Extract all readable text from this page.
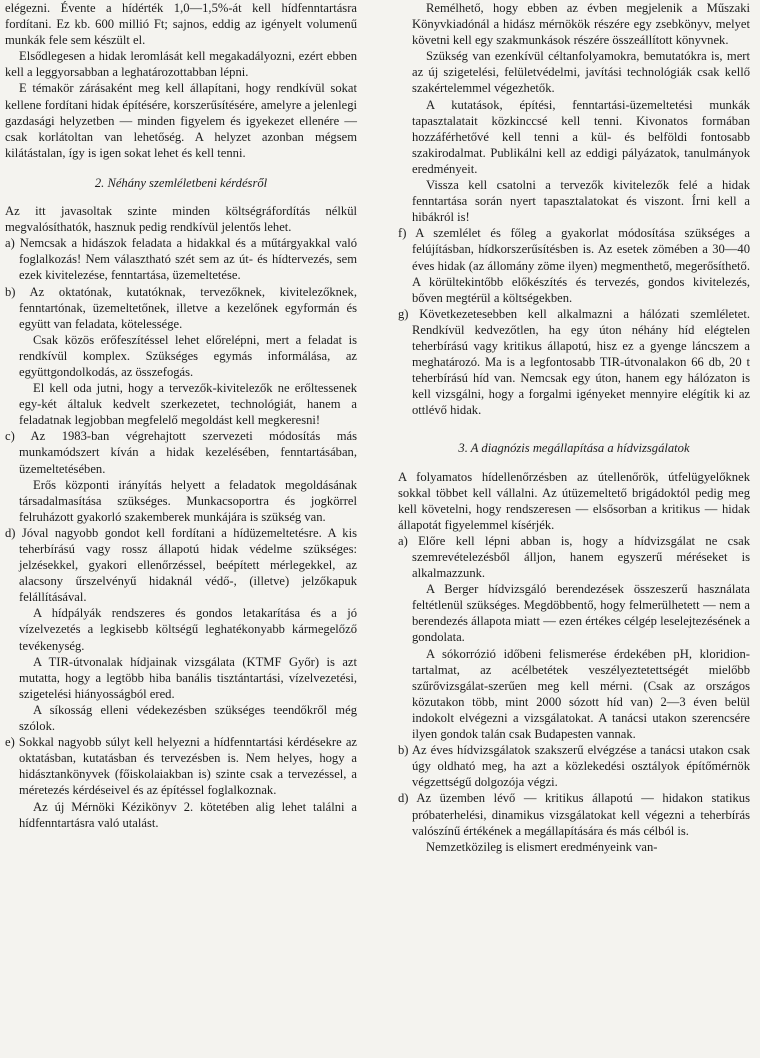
elégezni. Évente a hídérték 1,0—1,5%-át kell hídfenntartásra fordítani. Ez kb. 600 millió Ft; sajnos, eddig az igényelt volumenű munkák fele sem készült el.

Elsődlegesen a hidak leromlását kell megakadályozni, ezért ebben kell a leggyorsabban a leghatározottabban lépni.

E témakör zárásaként meg kell állapítani, hogy rendkívül sokat kellene fordítani hidak építésére, korszerűsítésére, amelyre a jelenlegi gazdasági helyzetben — minden figyelem és igyekezet ellenére — csak korlátoltan van lehetőség. A helyzet azonban mégsem kilátástalan, így is igen sokat lehet és kell tenni.

2. Néhány szemléletbeni kérdésről

Az itt javasoltak szinte minden költségráfordítás nélkül megvalósíthatók, hasznuk pedig rendkívül jelentős lehet.

a) Nemcsak a hidászok feladata a hidakkal és a műtárgyakkal való foglalkozás! Nem választható szét sem az út- és hídtervezés, sem ezek kivitelezése, fenntartása, üzemeltetése.

b) Az oktatónak, kutatóknak, tervezőknek, kivitelezőknek, fenntartónak, üzemeltetőnek, illetve a kezelőnek egyformán és együtt van feladata, kötelessége.

Csak közös erőfeszítéssel lehet előrelépni, mert a feladat is rendkívül komplex. Szükséges egymás informálása, az együttgondolkodás, az összefogás.

El kell oda jutni, hogy a tervezők-kivitelezők ne erőltessenek egy-két általuk kedvelt szerkezetet, technológiát, hanem a feladatnak legjobban megfelelő megoldást kell megkeresni!

c) Az 1983-ban végrehajtott szervezeti módosítás más munkamódszert kíván a hidak kezelésében, fenntartásában, üzemeltetésében.

Erős központi irányítás helyett a feladatok megoldásának társadalmasítása szükséges. Munkacsoportra és jogkörrel felruházott gyakorló szakemberek munkájára is szükség van.

d) Jóval nagyobb gondot kell fordítani a hídüzemeltetésre. A kis teherbírású vagy rossz állapotú hidak védelme szükséges: jelzésekkel, gyakori ellenőrzéssel, beépített mérlegekkel, az alacsony űrszelvényű hidaknál védő-, (illetve) jelzőkapuk felállításával.

A hídpályák rendszeres és gondos letakarítása és a jó vízelvezetés a legkisebb költségű leghatékonyabb kármegelőző tevékenység.

A TIR-útvonalak hídjainak vizsgálata (KTMF Győr) is azt mutatta, hogy a legtöbb hiba banális tisztántartási, vízelvezetési, szigetelési hiányosságból ered.

A síkosság elleni védekezésben szükséges teendőkről még szólok.

e) Sokkal nagyobb súlyt kell helyezni a hídfenntartási kérdésekre az oktatásban, kutatásban és tervezésben is. Nem helyes, hogy a hidásztankönyvek (főiskolaiakban is) szinte csak a tervezéssel, a méretezés kérdéseivel és az építéssel foglalkoznak.

Az új Mérnöki Kézikönyv 2. kötetében alig lehet találni a hídfenntartásra való utalást.

Remélhető, hogy ebben az évben megjelenik a Műszaki Könyvkiadónál a hidász mérnökök részére egy zsebkönyv, melyet követni kell egy szakmunkások részére összeállított könyvnek.

Szükség van ezenkívül céltanfolyamokra, bemutatókra is, mert az új szigetelési, felületvédelmi, javítási technológiák csak kellő szakértelemmel végezhetők.

A kutatások, építési, fenntartási-üzemeltetési munkák tapasztalatait közkinccsé kell tenni. Kivonatos formában hozzáférhetővé kell tenni a kül- és belföldi fontosabb szakirodalmat. Publikálni kell az eddigi pályázatok, tanulmányok eredményeit.

Vissza kell csatolni a tervezők kivitelezők felé a hidak fenntartása során nyert tapasztalatokat és viszont. Írni kell a hibákról is!

f) A szemlélet és főleg a gyakorlat módosítása szükséges a felújításban, hídkorszerűsítésben is. Az esetek zömében a 30—40 éves hidak (az állomány zöme ilyen) megmenthető, megerősíthető. A körültekintőbb előkészítés és tervezés, gondos kivitelezés, bőven megtérül a költségekben.

g) Következetesebben kell alkalmazni a hálózati szemléletet. Rendkívül kedvezőtlen, ha egy úton néhány híd elégtelen teherbírású vagy kritikus állapotú, hisz ez a gyenge láncszem a meghatározó. Ma is a legfontosabb TIR-útvonalakon 66 db, 20 t teherbírású híd van. Nemcsak egy úton, hanem egy hálózaton is kell vizsgálni, hogy a forgalmi igényeket mennyire elégítik ki az ottlévő hidak.

3. A diagnózis megállapítása a hídvizsgálatok

A folyamatos hídellenőrzésben az útellenőrök, útfelügyelőknek sokkal többet kell vállalni. Az útüzemeltető brigádoktól pedig meg kell követelni, hogy rendszeresen — elsősorban a kritikus — hidak állapotát figyelemmel kísérjék.

a) Előre kell lépni abban is, hogy a hídvizsgálat ne csak szemrevételezésből álljon, hanem egyszerű méréseket is alkalmazzunk.

A Berger hídvizsgáló berendezések összeszerű használata feltétlenül szükséges. Megdöbbentő, hogy felmerülhetett — nem a berendezés állapota miatt — ezen értékes célgép leselejtezésének a gondolata.

A sókorrózió időbeni felismerése érdekében pH, kloridion-tartalmat, az acélbetétek veszélyeztetettségét mielőbb szűrővizsgálat-szerűen meg kell mérni. (Csak az országos közutakon több, mint 2000 sózott híd van) 2—3 éven belül indokolt elvégezni a vizsgálatokat. A tanácsi utakon szerencsére ilyen gondok talán csak Budapesten vannak.

b) Az éves hídvizsgálatok szakszerű elvégzése a tanácsi utakon csak úgy oldható meg, ha azt a közlekedési osztályok építőmérnök végzettségű dolgozója végzi.

d) Az üzemben lévő — kritikus állapotú — hidakon statikus próbaterhelési, dinamikus vizsgálatokat kell végezni a teherbírás valószínű értékének a megállapítására és más célból is.

Nemzetközileg is elismert eredményeink van-
